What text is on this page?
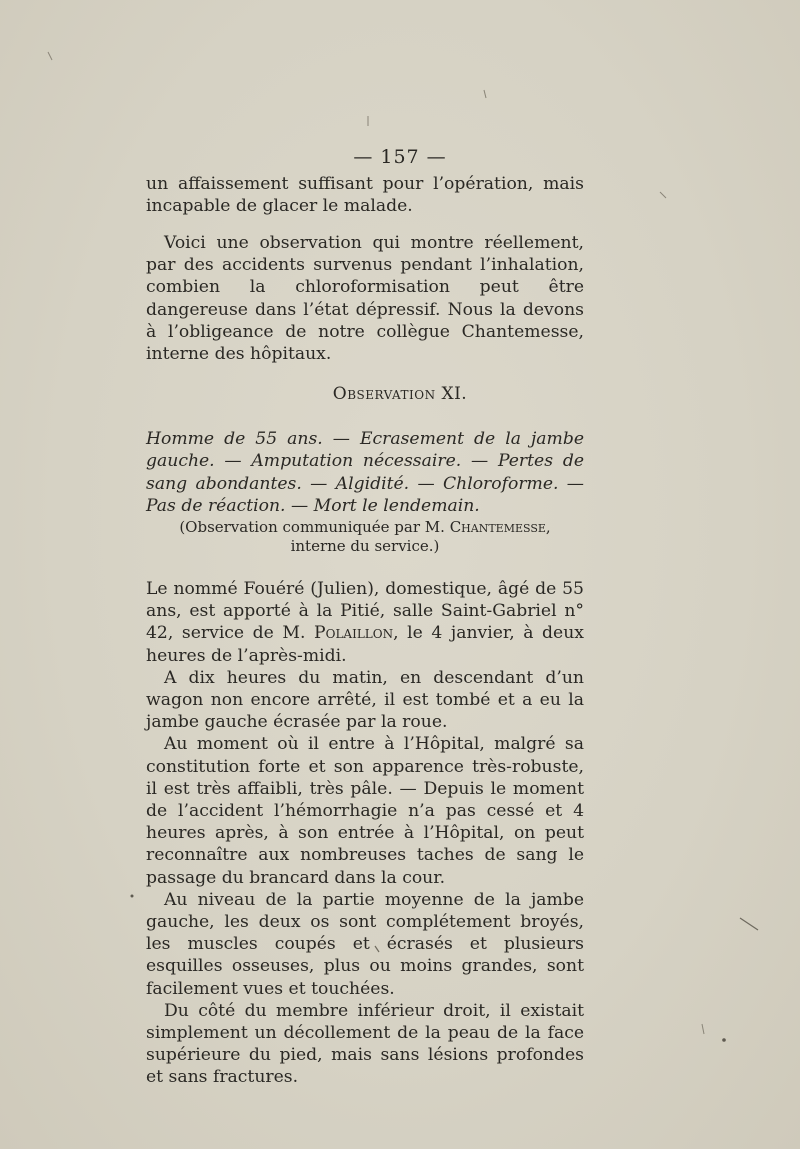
— 157 —

un affaissement suffisant pour l’opération, mais incapable de glacer le malade.

Voici une observation qui montre réellement, par des accidents survenus pendant l’inhalation, combien la chloroformisation peut être dangereuse dans l’état dépressif. Nous la devons à l’obligeance de notre collègue Chantemesse, interne des hôpitaux.

Observation XI.
Homme de 55 ans. — Ecrasement de la jambe gauche. — Amputation nécessaire. — Pertes de sang abondantes. — Algidité. — Chloroforme. — Pas de réaction. — Mort le lendemain.
(Observation communiquée par M. Chantemesse,
interne du service.)

Le nommé Fouéré (Julien), domestique, âgé de 55 ans, est apporté à la Pitié, salle Saint-Gabriel n° 42, service de M. Polaillon, le 4 janvier, à deux heures de l’après-midi.

A dix heures du matin, en descendant d’un wagon non encore arrêté, il est tombé et a eu la jambe gauche écrasée par la roue.

Au moment où il entre à l’Hôpital, malgré sa constitution forte et son apparence très-robuste, il est très affaibli, très pâle. — Depuis le moment de l’accident l’hémorrhagie n’a pas cessé et 4 heures après, à son entrée à l’Hôpital, on peut reconnaître aux nombreuses taches de sang le passage du brancard dans la cour.

Au niveau de la partie moyenne de la jambe gauche, les deux os sont complétement broyés, les muscles coupés et écrasés et plusieurs esquilles osseuses, plus ou moins grandes, sont facilement vues et touchées.

Du côté du membre inférieur droit, il existait simplement un décollement de la peau de la face supérieure du pied, mais sans lésions profondes et sans fractures.
